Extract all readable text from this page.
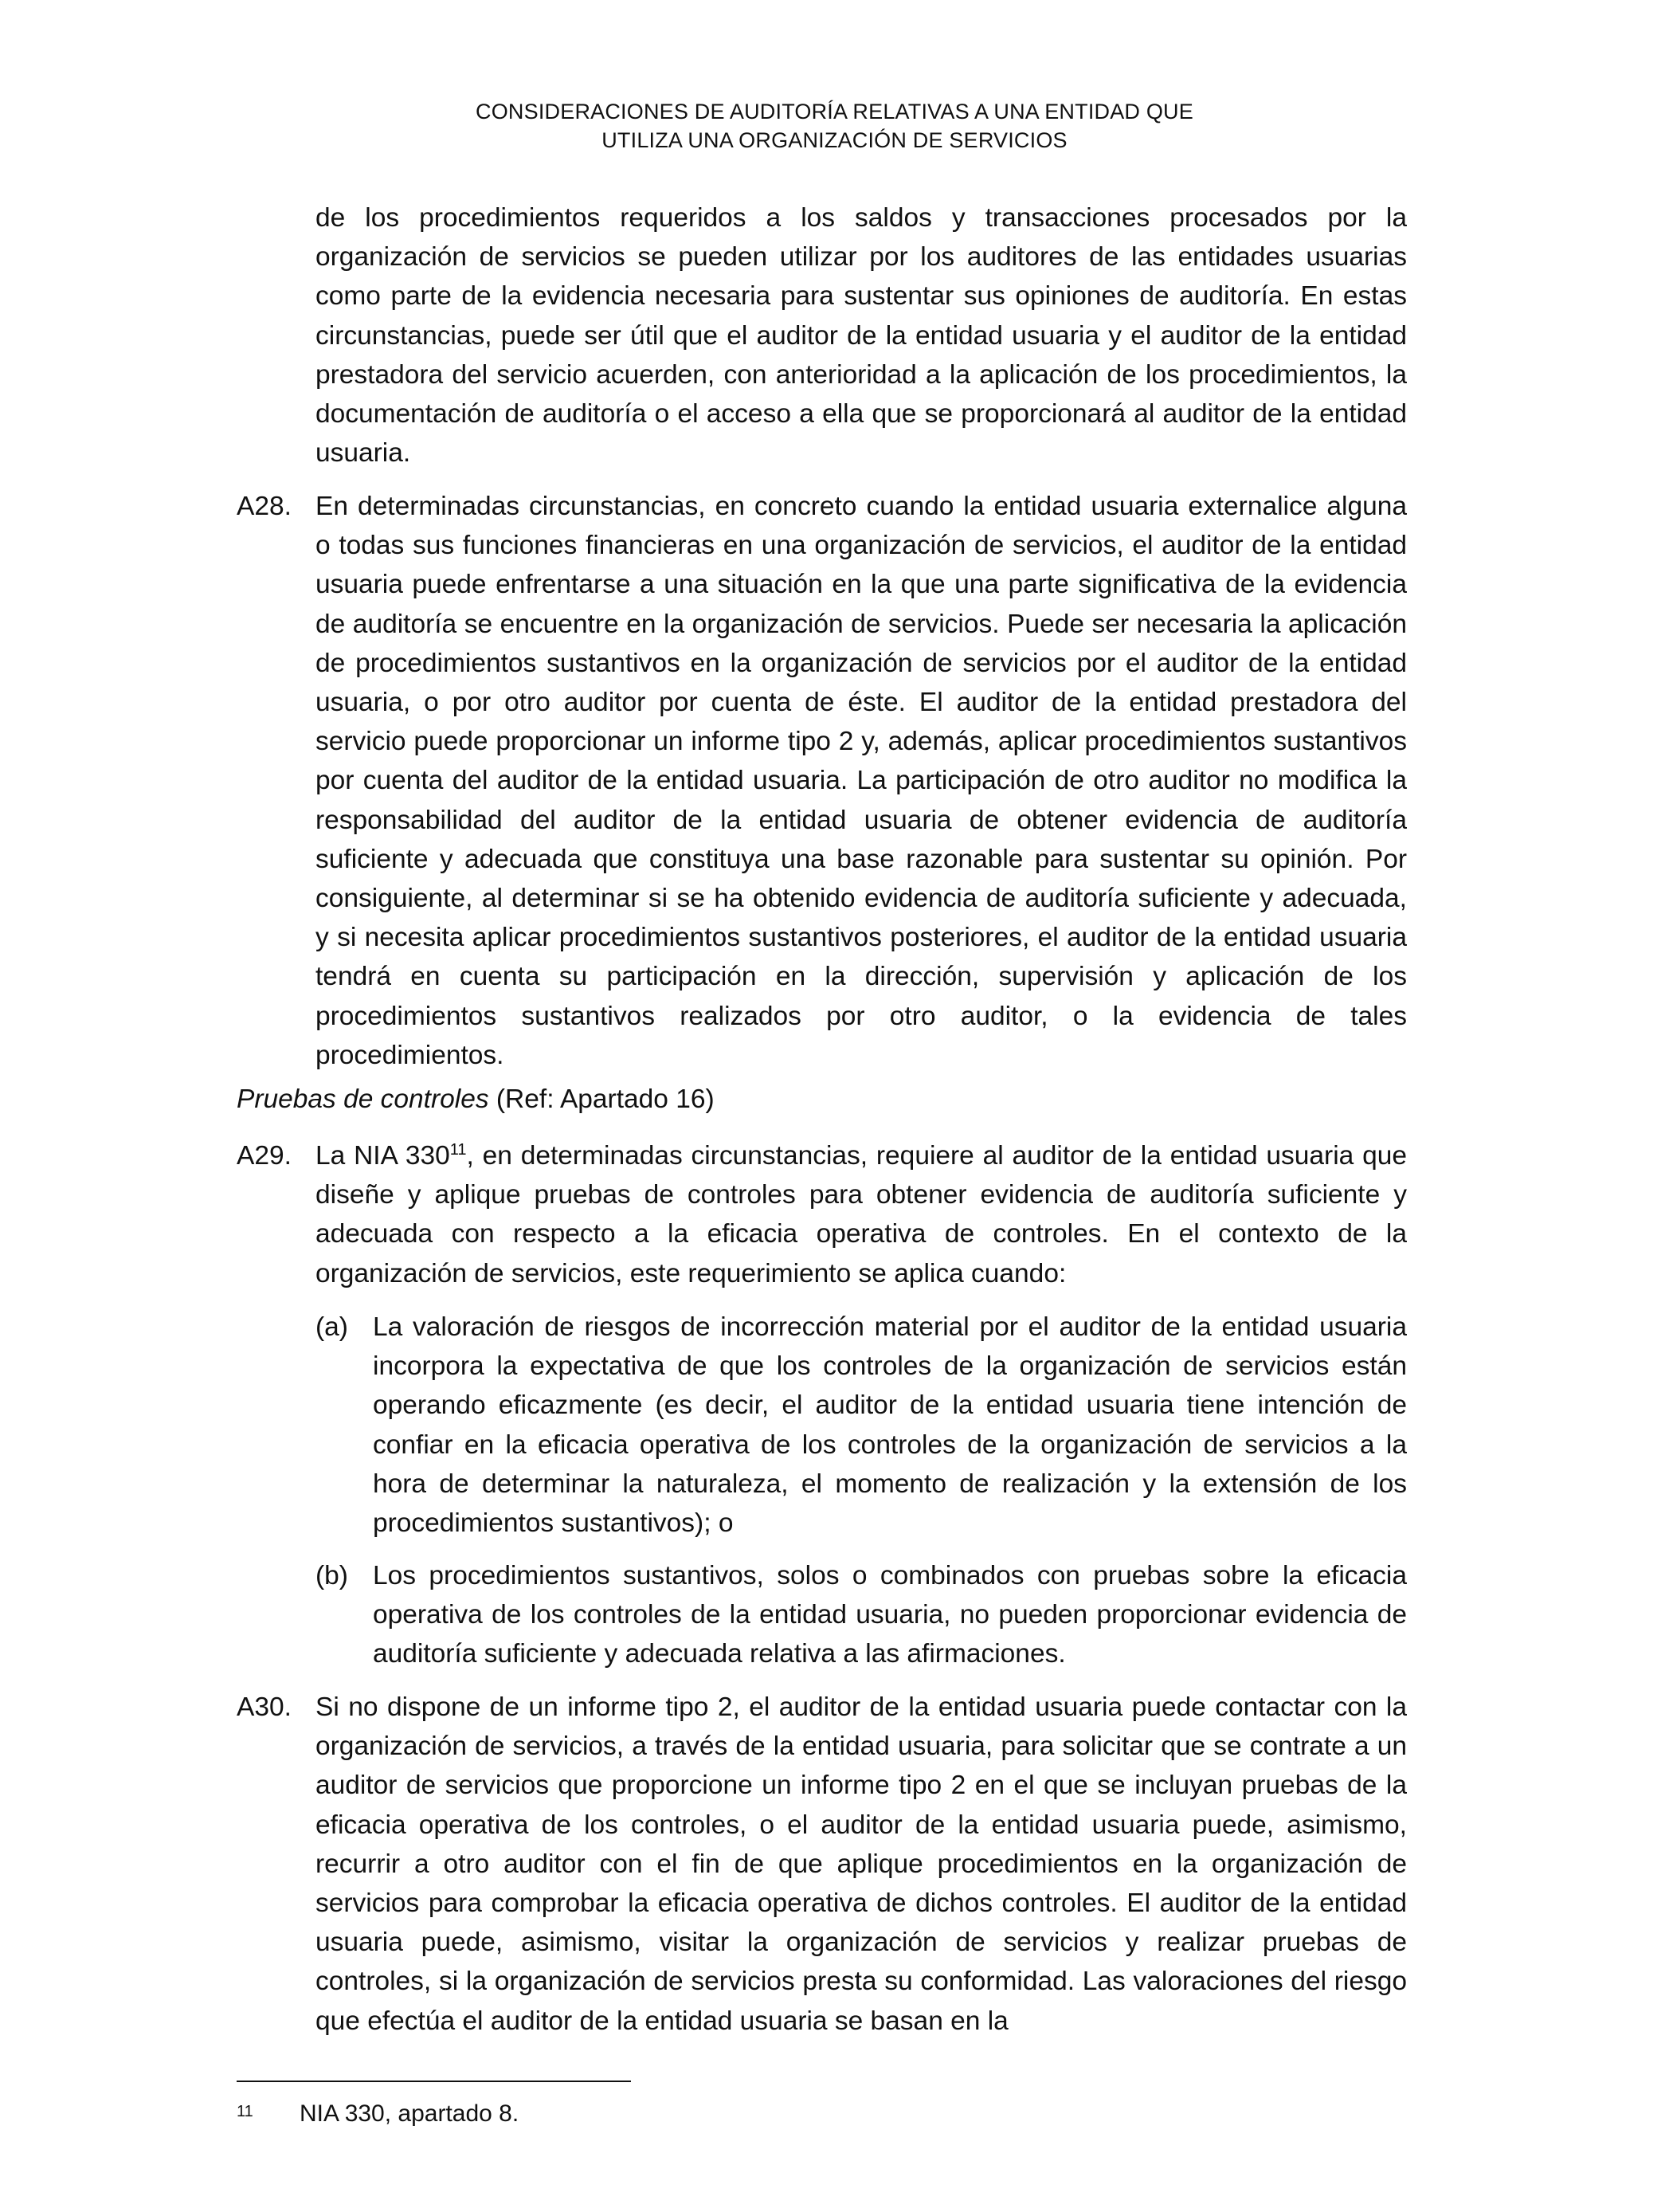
CONSIDERACIONES DE AUDITORÍA RELATIVAS A UNA ENTIDAD QUE
UTILIZA UNA ORGANIZACIÓN DE SERVICIOS
de los procedimientos requeridos a los saldos y transacciones procesados por la organización de servicios se pueden utilizar por los auditores de las entidades usuarias como parte de la evidencia necesaria para sustentar sus opiniones de auditoría. En estas circunstancias, puede ser útil que el auditor de la entidad usuaria y el auditor de la entidad prestadora del servicio acuerden, con anterioridad a la aplicación de los procedimientos, la documentación de auditoría o el acceso a ella que se proporcionará al auditor de la entidad usuaria.
A28. En determinadas circunstancias, en concreto cuando la entidad usuaria externalice alguna o todas sus funciones financieras en una organización de servicios, el auditor de la entidad usuaria puede enfrentarse a una situación en la que una parte significativa de la evidencia de auditoría se encuentre en la organización de servicios. Puede ser necesaria la aplicación de procedimientos sustantivos en la organización de servicios por el auditor de la entidad usuaria, o por otro auditor por cuenta de éste. El auditor de la entidad prestadora del servicio puede proporcionar un informe tipo 2 y, además, aplicar procedimientos sustantivos por cuenta del auditor de la entidad usuaria. La participación de otro auditor no modifica la responsabilidad del auditor de la entidad usuaria de obtener evidencia de auditoría suficiente y adecuada que constituya una base razonable para sustentar su opinión. Por consiguiente, al determinar si se ha obtenido evidencia de auditoría suficiente y adecuada, y si necesita aplicar procedimientos sustantivos posteriores, el auditor de la entidad usuaria tendrá en cuenta su participación en la dirección, supervisión y aplicación de los procedimientos sustantivos realizados por otro auditor, o la evidencia de tales procedimientos.
Pruebas de controles (Ref: Apartado 16)
A29. La NIA 330$^{11}$, en determinadas circunstancias, requiere al auditor de la entidad usuaria que diseñe y aplique pruebas de controles para obtener evidencia de auditoría suficiente y adecuada con respecto a la eficacia operativa de controles. En el contexto de la organización de servicios, este requerimiento se aplica cuando:
(a) La valoración de riesgos de incorrección material por el auditor de la entidad usuaria incorpora la expectativa de que los controles de la organización de servicios están operando eficazmente (es decir, el auditor de la entidad usuaria tiene intención de confiar en la eficacia operativa de los controles de la organización de servicios a la hora de determinar la naturaleza, el momento de realización y la extensión de los procedimientos sustantivos); o
(b) Los procedimientos sustantivos, solos o combinados con pruebas sobre la eficacia operativa de los controles de la entidad usuaria, no pueden proporcionar evidencia de auditoría suficiente y adecuada relativa a las afirmaciones.
A30. Si no dispone de un informe tipo 2, el auditor de la entidad usuaria puede contactar con la organización de servicios, a través de la entidad usuaria, para solicitar que se contrate a un auditor de servicios que proporcione un informe tipo 2 en el que se incluyan pruebas de la eficacia operativa de los controles, o el auditor de la entidad usuaria puede, asimismo, recurrir a otro auditor con el fin de que aplique procedimientos en la organización de servicios para comprobar la eficacia operativa de dichos controles. El auditor de la entidad usuaria puede, asimismo, visitar la organización de servicios y realizar pruebas de controles, si la organización de servicios presta su conformidad. Las valoraciones del riesgo que efectúa el auditor de la entidad usuaria se basan en la
11 NIA 330, apartado 8.
